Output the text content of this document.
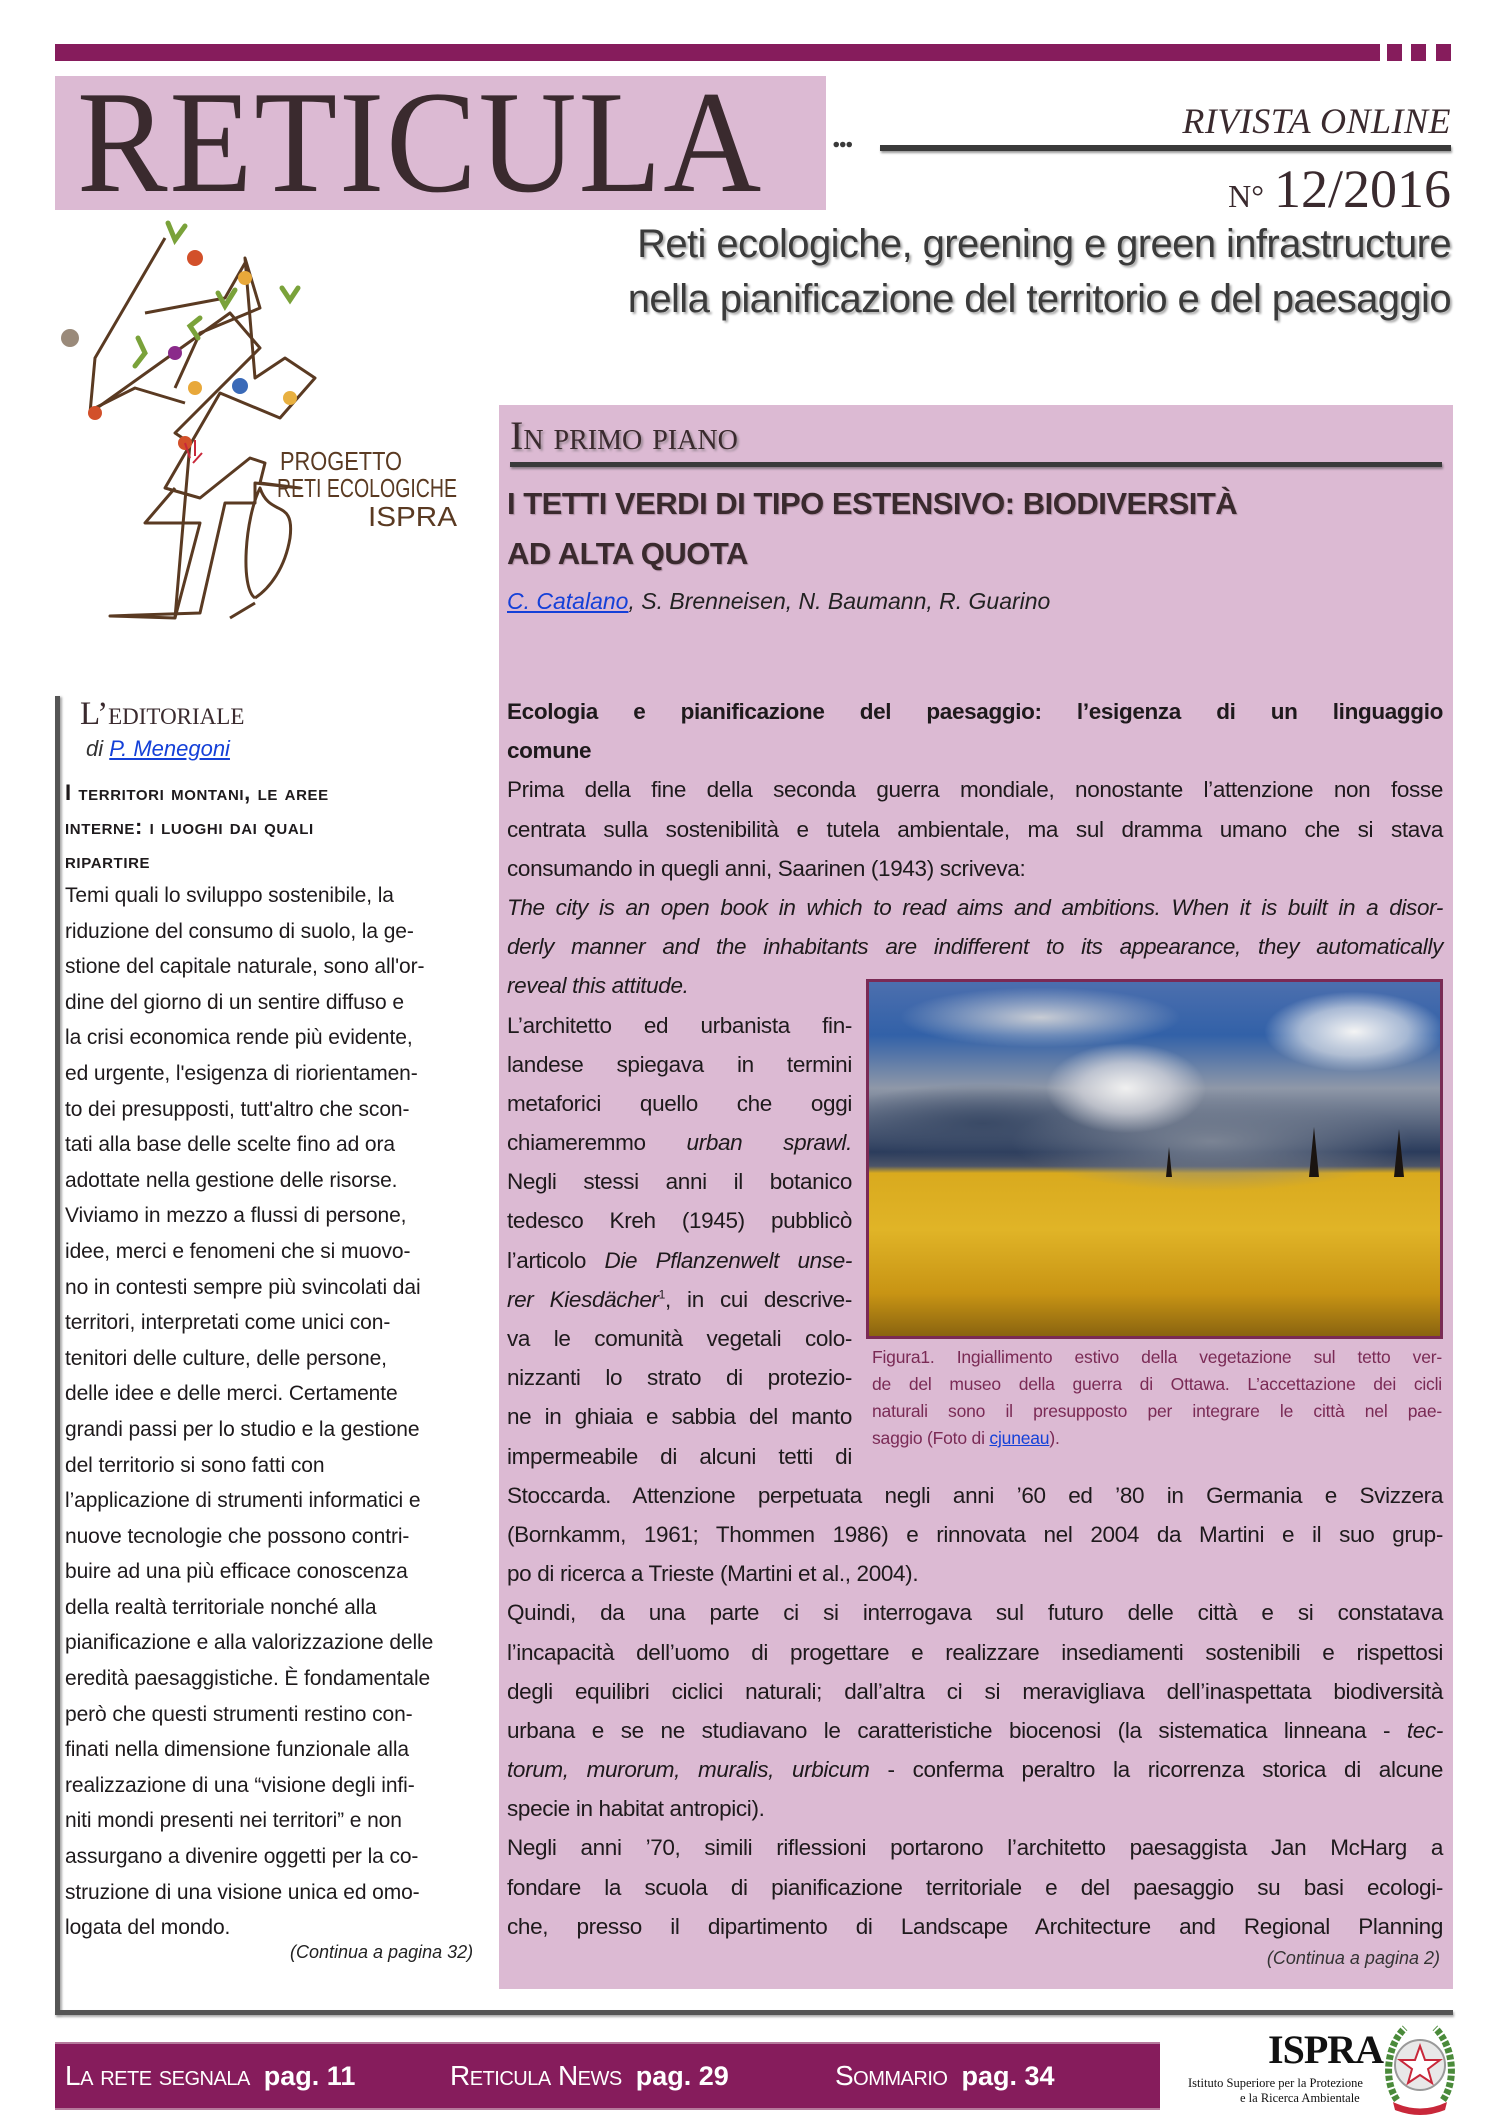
RETICULA ...	RIVISTA ONLINE
N° 12/2016
Reti ecologiche, greening e green infrastructure
nella pianificazione del territorio e del paesaggio
PROGETTO
RETI ECOLOGICHE
ISPRA
In primo piano
I TETTI VERDI DI TIPO ESTENSIVO: BIODIVERSITÀ
AD ALTA QUOTA
C. Catalano, S. Brenneisen, N. Baumann, R. Guarino
Ecologia e pianificazione del paesaggio: l’esigenza di un linguaggio
comune
Prima della fine della seconda guerra mondiale, nonostante l’attenzione non fosse
centrata sulla sostenibilità e tutela ambientale, ma sul dramma umano che si stava
consumando in quegli anni, Saarinen (1943) scriveva:
The city is an open book in which to read aims and ambitions. When it is built in a disor-
derly manner and the inhabitants are indifferent to its appearance, they automatically
reveal this attitude.
L’architetto ed urbanista fin-
landese spiegava in termini
metaforici quello che oggi
chiameremmo urban sprawl.
Negli stessi anni il botanico
tedesco Kreh (1945) pubblicò
l’articolo Die Pflanzenwelt unse-
rer Kiesdächer$^1$, in cui descrive-
va le comunità vegetali colo-
nizzanti lo strato di protezio-
ne in ghiaia e sabbia del manto
impermeabile di alcuni tetti di
Stoccarda. Attenzione perpetuata negli anni ’60 ed ’80 in Germania e Svizzera
(Bornkamm, 1961; Thommen 1986) e rinnovata nel 2004 da Martini e il suo grup-
po di ricerca a Trieste (Martini et al., 2004).
Quindi, da una parte ci si interrogava sul futuro delle città e si constatava
l’incapacità dell’uomo di progettare e realizzare insediamenti sostenibili e rispettosi
degli equilibri ciclici naturali; dall’altra ci si meravigliava dell’inaspettata biodiversità
urbana e se ne studiavano le caratteristiche biocenosi (la sistematica linneana - tec-
torum, murorum, muralis, urbicum - conferma peraltro la ricorrenza storica di alcune
specie in habitat antropici).
Negli anni ’70, simili riflessioni portarono l’architetto paesaggista Jan McHarg a
fondare la scuola di pianificazione territoriale e del paesaggio su basi ecologi-
che, presso il dipartimento di Landscape Architecture and Regional Planning
Figura1. Ingiallimento estivo della vegetazione sul tetto ver-
de del museo della guerra di Ottawa. L’accettazione dei cicli
naturali sono il presupposto per integrare le città nel pae-
saggio (Foto di cjuneau).
(Continua a pagina 2)
L’editoriale
di P. Menegoni
I territori montani, le aree
interne: i luoghi dai quali
ripartire
Temi quali lo sviluppo sostenibile, la
riduzione del consumo di suolo, la ge-
stione del capitale naturale, sono all'or-
dine del giorno di un sentire diffuso e
la crisi economica rende più evidente,
ed urgente, l'esigenza di riorientamen-
to dei presupposti, tutt'altro che scon-
tati alla base delle scelte fino ad ora
adottate nella gestione delle risorse.
Viviamo in mezzo a flussi di persone,
idee, merci e fenomeni che si muovo-
no in contesti sempre più svincolati dai
territori, interpretati come unici con-
tenitori delle culture, delle persone,
delle idee e delle merci. Certamente
grandi passi per lo studio e la gestione
del territorio si sono fatti con
l’applicazione di strumenti informatici e
nuove tecnologie che possono contri-
buire ad una più efficace conoscenza
della realtà territoriale nonché alla
pianificazione e alla valorizzazione delle
eredità paesaggistiche. È fondamentale
però che questi strumenti restino con-
finati nella dimensione funzionale alla
realizzazione di una “visione degli infi-
niti mondi presenti nei territori” e non
assurgano a divenire oggetti per la co-
struzione di una visione unica ed omo-
logata del mondo.
(Continua a pagina 32)
La rete segnala pag. 11	Reticula News pag. 29	Sommario pag. 34
ISPRA
Istituto Superiore per la Protezione
e la Ricerca Ambientale
